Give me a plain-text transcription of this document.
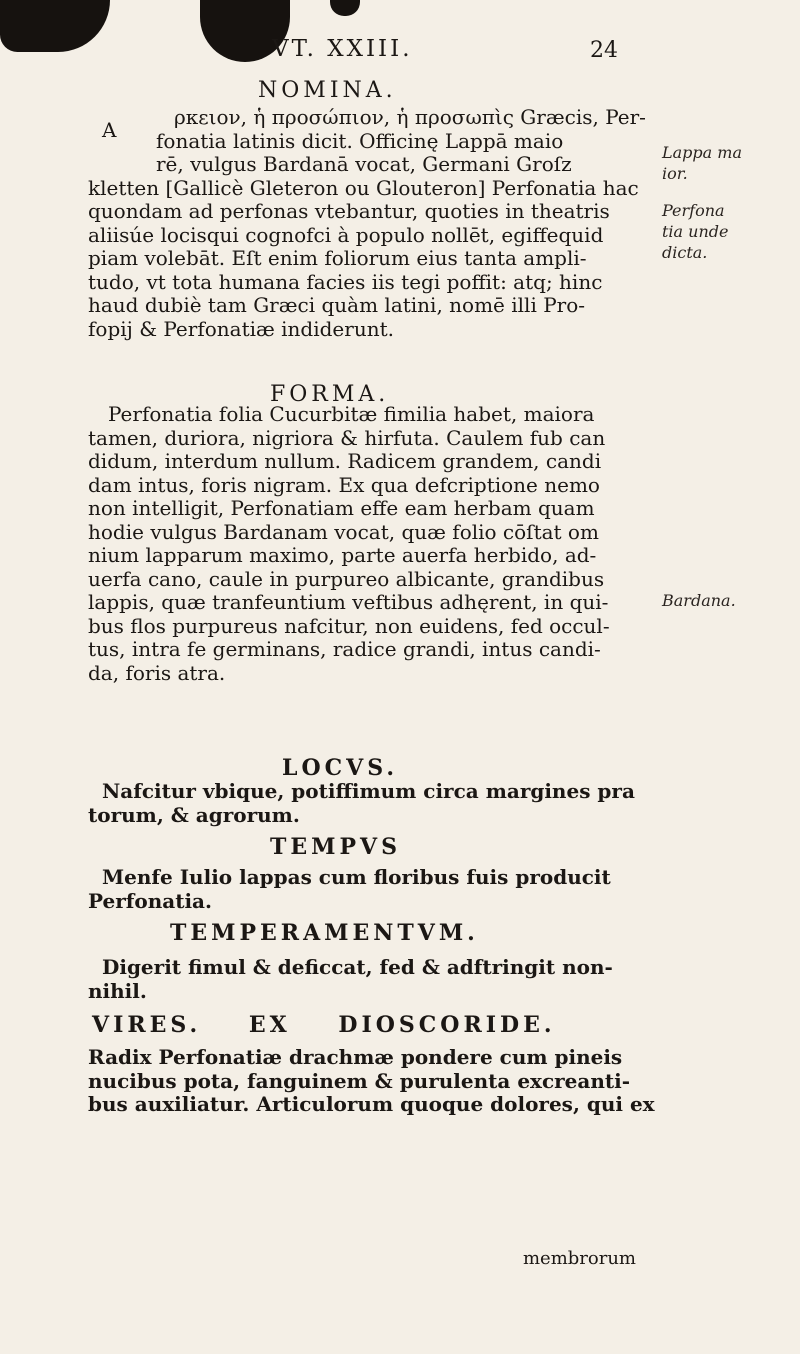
VT. XXIII.	24
NOMINA.
A
ρκειον, ἡ προσώπιον, ἡ προσωπὶς Græcis, Per-
fonatia latinis dicit. Officinę Lappā maio
rē, vulgus Bardanā vocat, Germani Groſz
kletten [Gallicè Gleteron ou Glouteron] Perfonatia hac
quondam ad perfonas vtebantur, quoties in theatris
aliisúe locisqui cognofci à populo nollēt, egiffequid
piam volebāt. Eſt enim foliorum eius tanta ampli-
tudo, vt tota humana facies iis tegi poffit: atq; hinc
haud dubiè tam Græci quàm latini, nomē illi Pro-
fopij & Perfonatiæ indiderunt.
FORMA.
Perfonatia folia Cucurbitæ fimilia habet, maiora
tamen, duriora, nigriora & hirfuta. Caulem fub can
didum, interdum nullum. Radicem grandem, candi
dam intus, foris nigram. Ex qua defcriptione nemo
non intelligit, Perfonatiam effe eam herbam quam
hodie vulgus Bardanam vocat, quæ folio cōſtat om
nium lapparum maximo, parte auerfa herbido, ad-
uerfa cano, caule in purpureo albicante, grandibus
lappis, quæ tranfeuntium veftibus adhęrent, in qui-
bus flos purpureus nafcitur, non euidens, fed occul-
tus, intra fe germinans, radice grandi, intus candi-
da, foris atra.
LOCVS.
Nafcitur vbique, potiffimum circa margines pra
torum, & agrorum.
TEMPVS
Menfe Iulio lappas cum floribus fuis producit
Perfonatia.
TEMPERAMENTVM.
Digerit fimul & deficcat, fed & adftringit non-
nihil.
VIRES. EX DIOSCORIDE.
Radix Perfonatiæ drachmæ pondere cum pineis
nucibus pota, fanguinem & purulenta excreanti-
bus auxiliatur. Articulorum quoque dolores, qui ex
membrorum
Lappa ma
ior.
Perfona
tia unde
dicta.
Bardana.
